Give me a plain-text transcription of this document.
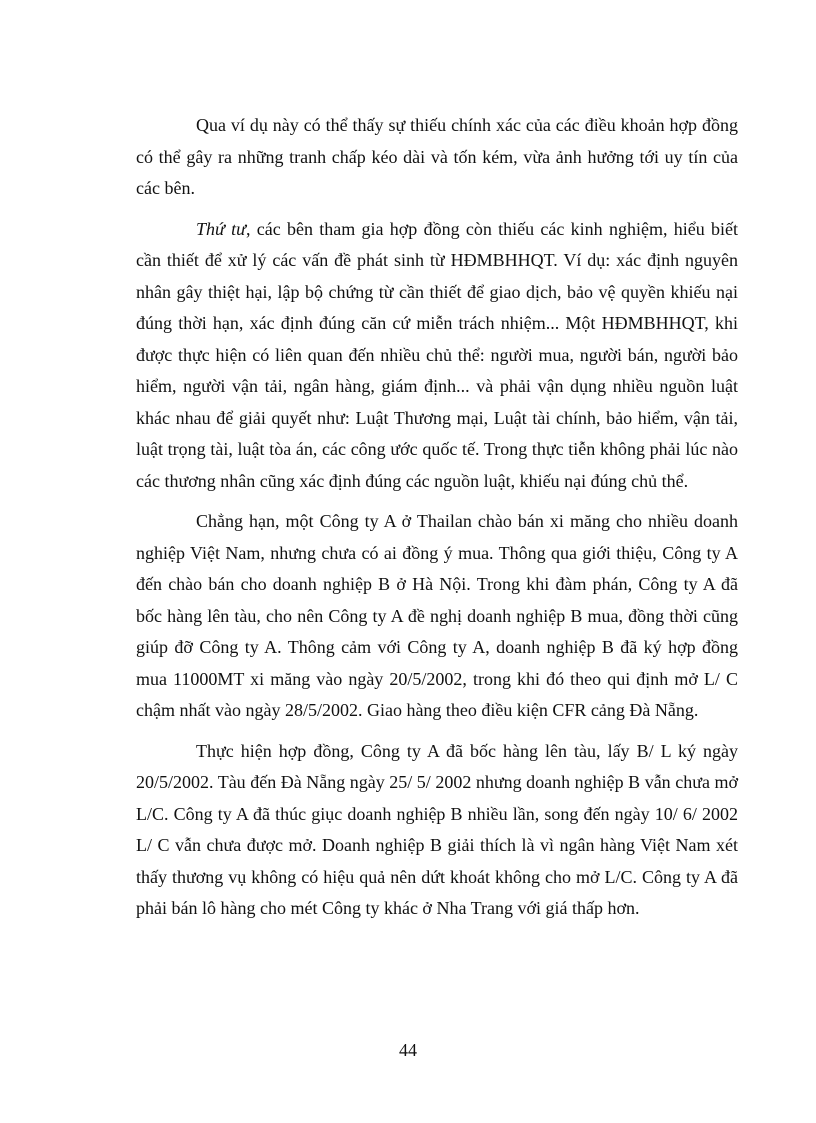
Qua ví dụ này có thể thấy sự thiếu chính xác của các điều khoản hợp đồng có thể gây ra những tranh chấp kéo dài và tốn kém, vừa ảnh hưởng tới uy tín của các bên.

Thứ tư, các bên tham gia hợp đồng còn thiếu các kinh nghiệm, hiểu biết cần thiết để xử lý các vấn đề phát sinh từ HĐMBHHQT. Ví dụ: xác định nguyên nhân gây thiệt hại, lập bộ chứng từ cần thiết để giao dịch, bảo vệ quyền khiếu nại đúng thời hạn, xác định đúng căn cứ miễn trách nhiệm... Một HĐMBHHQT, khi được thực hiện có liên quan đến nhiều chủ thể: người mua, người bán, người bảo hiểm, người vận tải, ngân hàng, giám định... và phải vận dụng nhiều nguồn luật khác nhau để giải quyết như: Luật Thương mại, Luật tài chính, bảo hiểm, vận tải, luật trọng tài, luật tòa án, các công ước quốc tế. Trong thực tiễn không phải lúc nào các thương nhân cũng xác định đúng các nguồn luật, khiếu nại đúng chủ thể.

Chẳng hạn, một Công ty A ở Thailan chào bán xi măng cho nhiều doanh nghiệp Việt Nam, nhưng chưa có ai đồng ý mua. Thông qua giới thiệu, Công ty A đến chào bán cho doanh nghiệp B ở Hà Nội. Trong khi đàm phán, Công ty A đã bốc hàng lên tàu, cho nên Công ty A đề nghị doanh nghiệp B mua, đồng thời cũng giúp đỡ Công ty A. Thông cảm với Công ty A, doanh nghiệp B đã ký hợp đồng mua 11000MT xi măng vào ngày 20/5/2002, trong khi đó theo qui định mở L/ C chậm nhất vào ngày 28/5/2002. Giao hàng theo điều kiện CFR cảng Đà Nẵng.

Thực hiện hợp đồng, Công ty A đã bốc hàng lên tàu, lấy B/ L ký ngày 20/5/2002. Tàu đến Đà Nẵng ngày 25/ 5/ 2002 nhưng doanh nghiệp B vẫn chưa mở L/C. Công ty A đã thúc giục doanh nghiệp B nhiều lần, song đến ngày 10/ 6/ 2002 L/ C vẫn chưa được mở. Doanh nghiệp B giải thích là vì ngân hàng Việt Nam xét thấy thương vụ không có hiệu quả nên dứt khoát không cho mở L/C. Công ty A đã phải bán lô hàng cho mét Công ty khác ở Nha Trang với giá thấp hơn.

44
